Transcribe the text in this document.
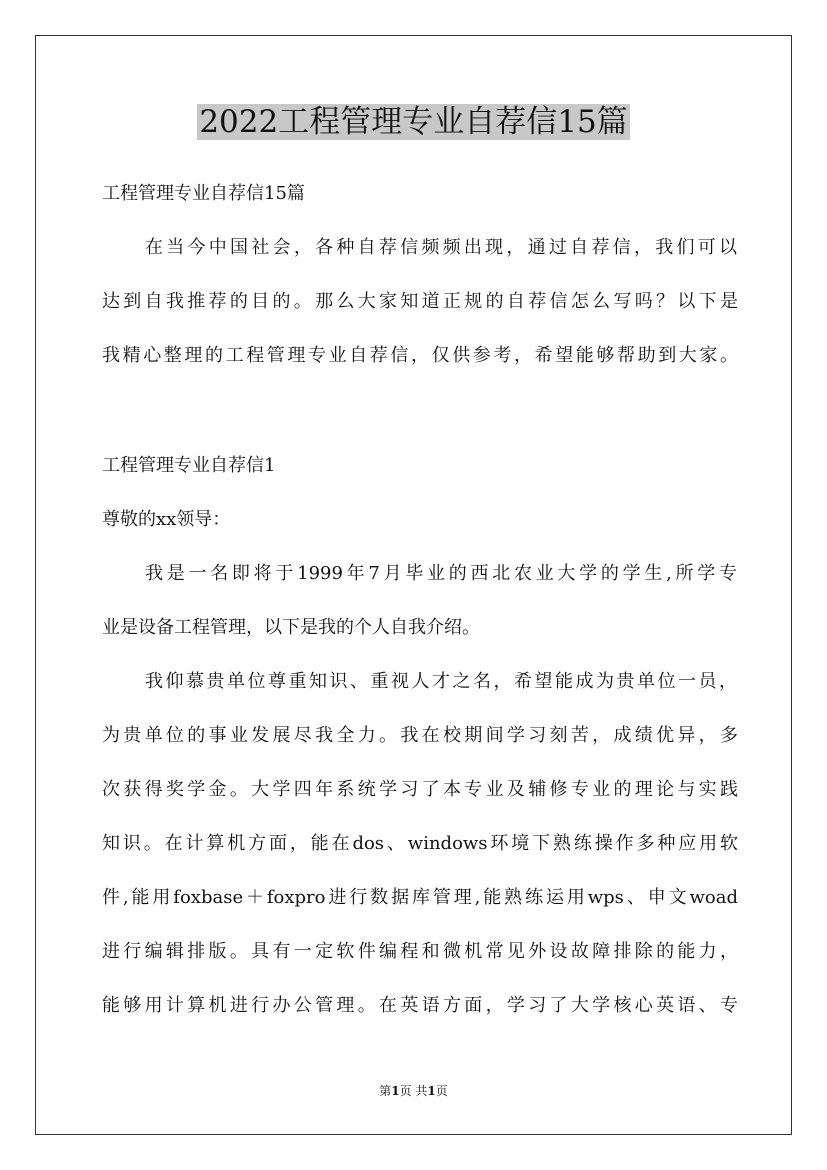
2022工程管理专业自荐信15篇
工程管理专业自荐信15篇
在当今中国社会，各种自荐信频频出现，通过自荐信，我们可以
达到自我推荐的目的。那么大家知道正规的自荐信怎么写吗？以下是
我精心整理的工程管理专业自荐信，仅供参考，希望能够帮助到大家。
工程管理专业自荐信1
尊敬的xx领导：
我是一名即将于1999年7月毕业的西北农业大学的学生,所学专
业是设备工程管理，以下是我的个人自我介绍。
我仰慕贵单位尊重知识、重视人才之名，希望能成为贵单位一员，
为贵单位的事业发展尽我全力。我在校期间学习刻苦，成绩优异，多
次获得奖学金。大学四年系统学习了本专业及辅修专业的理论与实践
知识。在计算机方面，能在dos、windows环境下熟练操作多种应用软
件,能用foxbase＋foxpro进行数据库管理,能熟练运用wps、申文woad
进行编辑排版。具有一定软件编程和微机常见外设故障排除的能力，
能够用计算机进行办公管理。在英语方面，学习了大学核心英语、专
第1页 共1页
